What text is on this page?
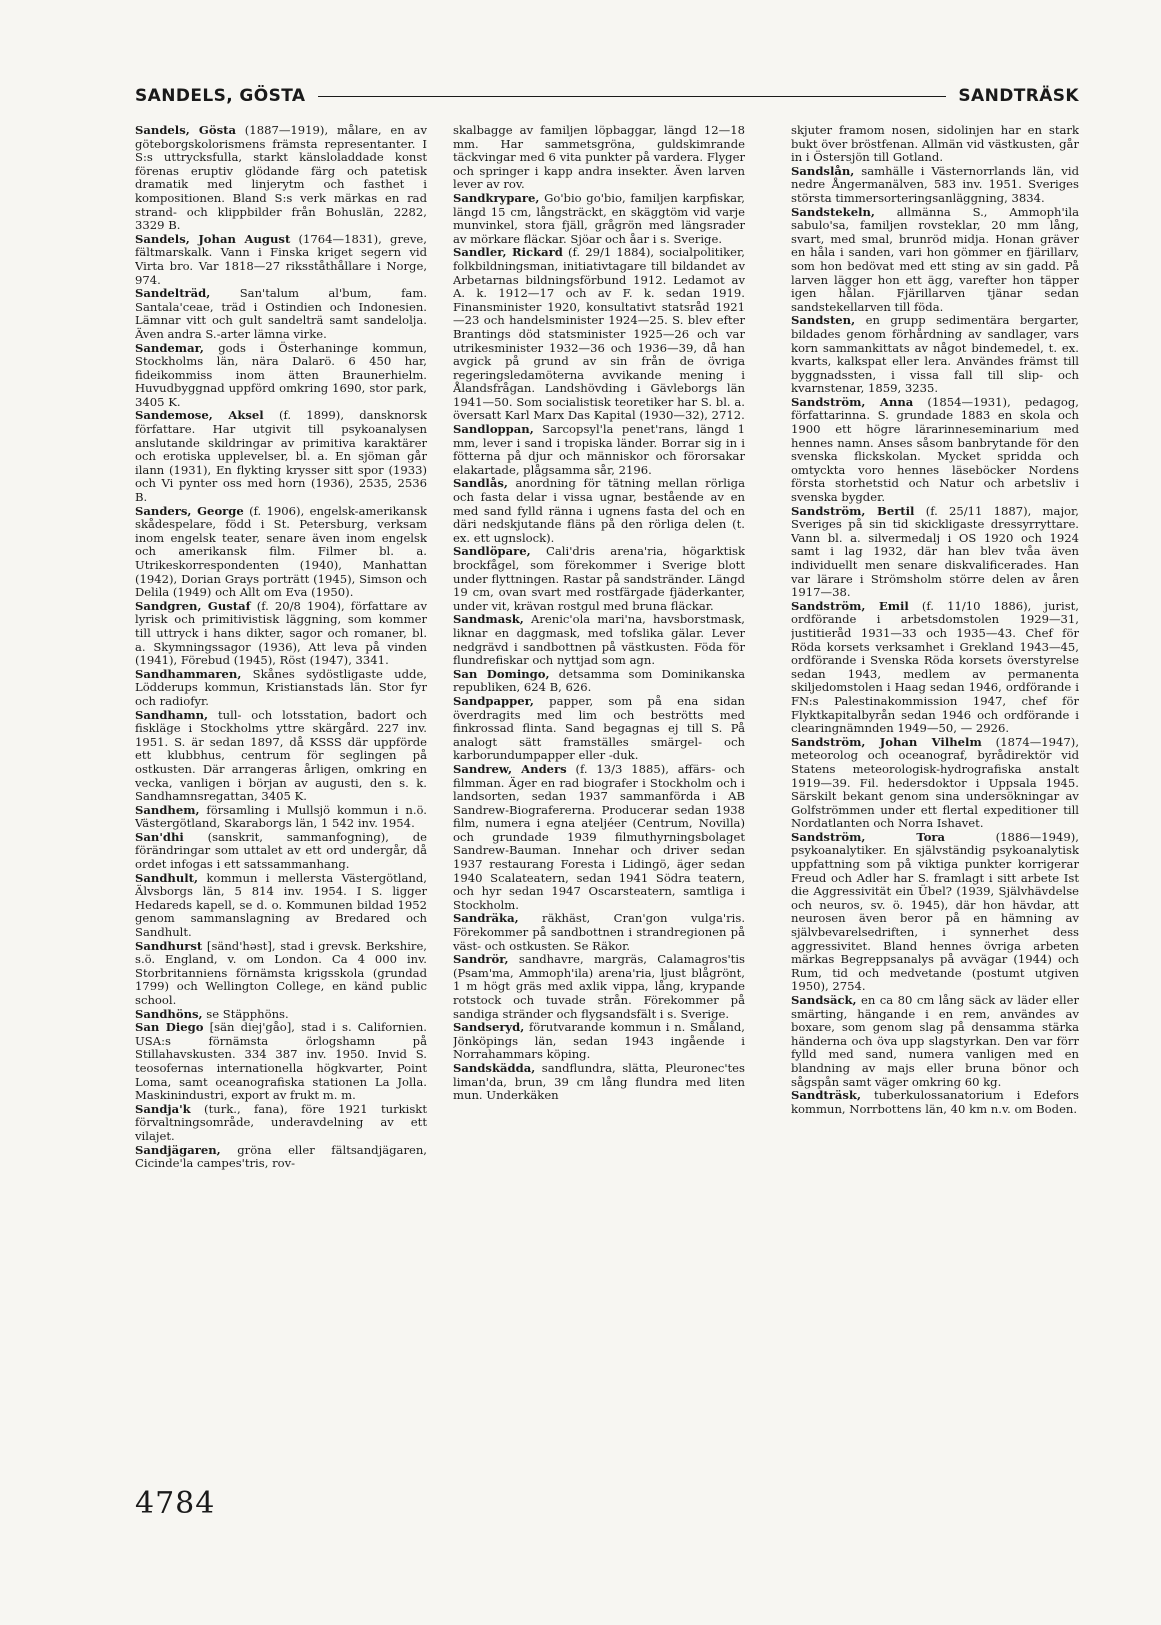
SANDELS, GÖSTA	SANDTRÄSK

Sandels, Gösta (1887—1919), målare, en av göteborgskolorismens främsta representanter. I S:s uttrycksfulla, starkt känsloladdade konst förenas eruptiv glödande färg och patetisk dramatik med linjerytm och fasthet i kompositionen. Bland S:s verk märkas en rad strand- och klippbilder från Bohuslän, 2282, 3329 B.

Sandels, Johan August (1764—1831), greve, fältmarskalk. Vann i Finska kriget segern vid Virta bro. Var 1818—27 riksståthållare i Norge, 974.

Sandelträd, San'talum al'bum, fam. Santala'ceae, träd i Ostindien och Indonesien. Lämnar vitt och gult sandelträ samt sandelolja. Även andra S.-arter lämna virke.

Sandemar, gods i Österhaninge kommun, Stockholms län, nära Dalarö. 6 450 har, fideikommiss inom ätten Braunerhielm. Huvudbyggnad uppförd omkring 1690, stor park, 3405 K.

Sandemose, Aksel (f. 1899), dansknorsk författare. Har utgivit till psykoanalysen anslutande skildringar av primitiva karaktärer och erotiska upplevelser, bl. a. En sjöman går ilann (1931), En flykting krysser sitt spor (1933) och Vi pynter oss med horn (1936), 2535, 2536 B.

Sanders, George (f. 1906), engelsk-amerikansk skådespelare, född i St. Petersburg, verksam inom engelsk teater, senare även inom engelsk och amerikansk film. Filmer bl. a. Utrikeskorrespondenten (1940), Manhattan (1942), Dorian Grays porträtt (1945), Simson och Delila (1949) och Allt om Eva (1950).

Sandgren, Gustaf (f. 20/8 1904), författare av lyrisk och primitivistisk läggning, som kommer till uttryck i hans dikter, sagor och romaner, bl. a. Skymningssagor (1936), Att leva på vinden (1941), Förebud (1945), Röst (1947), 3341.

Sandhammaren, Skånes sydöstligaste udde, Lödderups kommun, Kristianstads län. Stor fyr och radiofyr.

Sandhamn, tull- och lotsstation, badort och fiskläge i Stockholms yttre skärgård. 227 inv. 1951. S. är sedan 1897, då KSSS där uppförde ett klubbhus, centrum för seglingen på ostkusten. Där arrangeras årligen, omkring en vecka, vanligen i början av augusti, den s. k. Sandhamnsregattan, 3405 K.

Sandhem, församling i Mullsjö kommun i n.ö. Västergötland, Skaraborgs län, 1 542 inv. 1954.

San'dhi (sanskrit, sammanfogning), de förändringar som uttalet av ett ord undergår, då ordet infogas i ett satssammanhang.

Sandhult, kommun i mellersta Västergötland, Älvsborgs län, 5 814 inv. 1954. I S. ligger Hedareds kapell, se d. o. Kommunen bildad 1952 genom sammanslagning av Bredared och Sandhult.

Sandhurst [sänd'həst], stad i grevsk. Berkshire, s.ö. England, v. om London. Ca 4 000 inv. Storbritanniens förnämsta krigsskola (grundad 1799) och Wellington College, en känd public school.

Sandhöns, se Stäpphöns.

San Diego [sän diej'gåo], stad i s. Californien. USA:s förnämsta örlogshamn på Stillahavskusten. 334 387 inv. 1950. Invid S. teosofernas internationella högkvarter, Point Loma, samt oceanografiska stationen La Jolla. Maskinindustri, export av frukt m. m.

Sandja'k (turk., fana), före 1921 turkiskt förvaltningsområde, underavdelning av ett vilajet.

Sandjägaren, gröna eller fältsandjägaren, Cicinde'la campes'tris, rov-

skalbagge av familjen löpbaggar, längd 12—18 mm. Har sammetsgröna, guldskimrande täckvingar med 6 vita punkter på vardera. Flyger och springer i kapp andra insekter. Även larven lever av rov.

Sandkrypare, Go'bio go'bio, familjen karpfiskar, längd 15 cm, långsträckt, en skäggtöm vid varje munvinkel, stora fjäll, grågrön med längsrader av mörkare fläckar. Sjöar och åar i s. Sverige.

Sandler, Rickard (f. 29/1 1884), socialpolitiker, folkbildningsman, initiativtagare till bildandet av Arbetarnas bildningsförbund 1912. Ledamot av A. k. 1912—17 och av F. k. sedan 1919. Finansminister 1920, konsultativt statsråd 1921—23 och handelsminister 1924—25. S. blev efter Brantings död statsminister 1925—26 och var utrikesminister 1932—36 och 1936—39, då han avgick på grund av sin från de övriga regeringsledamöterna avvikande mening i Ålandsfrågan. Landshövding i Gävleborgs län 1941—50. Som socialistisk teoretiker har S. bl. a. översatt Karl Marx Das Kapital (1930—32), 2712.

Sandloppan, Sarcopsyl'la penet'rans, längd 1 mm, lever i sand i tropiska länder. Borrar sig in i fötterna på djur och människor och förorsakar elakartade, plågsamma sår, 2196.

Sandlås, anordning för tätning mellan rörliga och fasta delar i vissa ugnar, bestående av en med sand fylld ränna i ugnens fasta del och en däri nedskjutande fläns på den rörliga delen (t. ex. ett ugnslock).

Sandlöpare, Cali'dris arena'ria, högarktisk brockfågel, som förekommer i Sverige blott under flyttningen. Rastar på sandstränder. Längd 19 cm, ovan svart med rostfärgade fjäderkanter, under vit, krävan rostgul med bruna fläckar.

Sandmask, Arenic'ola mari'na, havsborstmask, liknar en daggmask, med tofslika gälar. Lever nedgrävd i sandbottnen på västkusten. Föda för flundrefiskar och nyttjad som agn.

San Domingo, detsamma som Dominikanska republiken, 624 B, 626.

Sandpapper, papper, som på ena sidan överdragits med lim och beströtts med finkrossad flinta. Sand begagnas ej till S. På analogt sätt framställes smärgel- och karborundumpapper eller -duk.

Sandrew, Anders (f. 13/3 1885), affärs- och filmman. Äger en rad biografer i Stockholm och i landsorten, sedan 1937 sammanförda i AB Sandrew-Biografererna. Producerar sedan 1938 film, numera i egna ateljéer (Centrum, Novilla) och grundade 1939 filmuthyrningsbolaget Sandrew-Bauman. Innehar och driver sedan 1937 restaurang Foresta i Lidingö, äger sedan 1940 Scalateatern, sedan 1941 Södra teatern, och hyr sedan 1947 Oscarsteatern, samtliga i Stockholm.

Sandräka, räkhäst, Cran'gon vulga'ris. Förekommer på sandbottnen i strandregionen på väst- och ostkusten. Se Räkor.

Sandrör, sandhavre, margräs, Calamagros'tis (Psam'ma, Ammoph'ila) arena'ria, ljust blågrönt, 1 m högt gräs med axlik vippa, lång, krypande rotstock och tuvade strån. Förekommer på sandiga stränder och flygsandsfält i s. Sverige.

Sandseryd, förutvarande kommun i n. Småland, Jönköpings län, sedan 1943 ingående i Norrahammars köping.

Sandskädda, sandflundra, slätta, Pleuronec'tes liman'da, brun, 39 cm lång flundra med liten mun. Underkäken

skjuter framom nosen, sidolinjen har en stark bukt över bröstfenan. Allmän vid västkusten, går in i Östersjön till Gotland.

Sandslån, samhälle i Västernorrlands län, vid nedre Ångermanälven, 583 inv. 1951. Sveriges största timmersorteringsanläggning, 3834.

Sandstekeln, allmänna S., Ammoph'ila sabulo'sa, familjen rovsteklar, 20 mm lång, svart, med smal, brunröd midja. Honan gräver en håla i sanden, vari hon gömmer en fjärillarv, som hon bedövat med ett sting av sin gadd. På larven lägger hon ett ägg, varefter hon täpper igen hålan. Fjärillarven tjänar sedan sandstekellarven till föda.

Sandsten, en grupp sedimentära bergarter, bildades genom förhårdning av sandlager, vars korn sammankittats av något bindemedel, t. ex. kvarts, kalkspat eller lera. Användes främst till byggnadssten, i vissa fall till slip- och kvarnstenar, 1859, 3235.

Sandström, Anna (1854—1931), pedagog, författarinna. S. grundade 1883 en skola och 1900 ett högre lärarinneseminarium med hennes namn. Anses såsom banbrytande för den svenska flickskolan. Mycket spridda och omtyckta voro hennes läseböcker Nordens första storhetstid och Natur och arbetsliv i svenska bygder.

Sandström, Bertil (f. 25/11 1887), major, Sveriges på sin tid skickligaste dressyrryttare. Vann bl. a. silvermedalj i OS 1920 och 1924 samt i lag 1932, där han blev tvåa även individuellt men senare diskvalificerades. Han var lärare i Strömsholm större delen av åren 1917—38.

Sandström, Emil (f. 11/10 1886), jurist, ordförande i arbetsdomstolen 1929—31, justitieråd 1931—33 och 1935—43. Chef för Röda korsets verksamhet i Grekland 1943—45, ordförande i Svenska Röda korsets överstyrelse sedan 1943, medlem av permanenta skiljedomstolen i Haag sedan 1946, ordförande i FN:s Palestinakommission 1947, chef för Flyktkapitalbyrån sedan 1946 och ordförande i clearingnämnden 1949—50, — 2926.

Sandström, Johan Vilhelm (1874—1947), meteorolog och oceanograf, byrådirektör vid Statens meteorologisk-hydrografiska anstalt 1919—39. Fil. hedersdoktor i Uppsala 1945. Särskilt bekant genom sina undersökningar av Golfströmmen under ett flertal expeditioner till Nordatlanten och Norra Ishavet.

Sandström, Tora (1886—1949), psykoanalytiker. En självständig psykoanalytisk uppfattning som på viktiga punkter korrigerar Freud och Adler har S. framlagt i sitt arbete Ist die Aggressivität ein Übel? (1939, Självhävdelse och neuros, sv. ö. 1945), där hon hävdar, att neurosen även beror på en hämning av självbevarelsedriften, i synnerhet dess aggressivitet. Bland hennes övriga arbeten märkas Begreppsanalys på avvägar (1944) och Rum, tid och medvetande (postumt utgiven 1950), 2754.

Sandsäck, en ca 80 cm lång säck av läder eller smärting, hängande i en rem, användes av boxare, som genom slag på densamma stärka händerna och öva upp slagstyrkan. Den var förr fylld med sand, numera vanligen med en blandning av majs eller bruna bönor och sågspån samt väger omkring 60 kg.

Sandträsk, tuberkulossanatorium i Edefors kommun, Norrbottens län, 40 km n.v. om Boden.

4784
